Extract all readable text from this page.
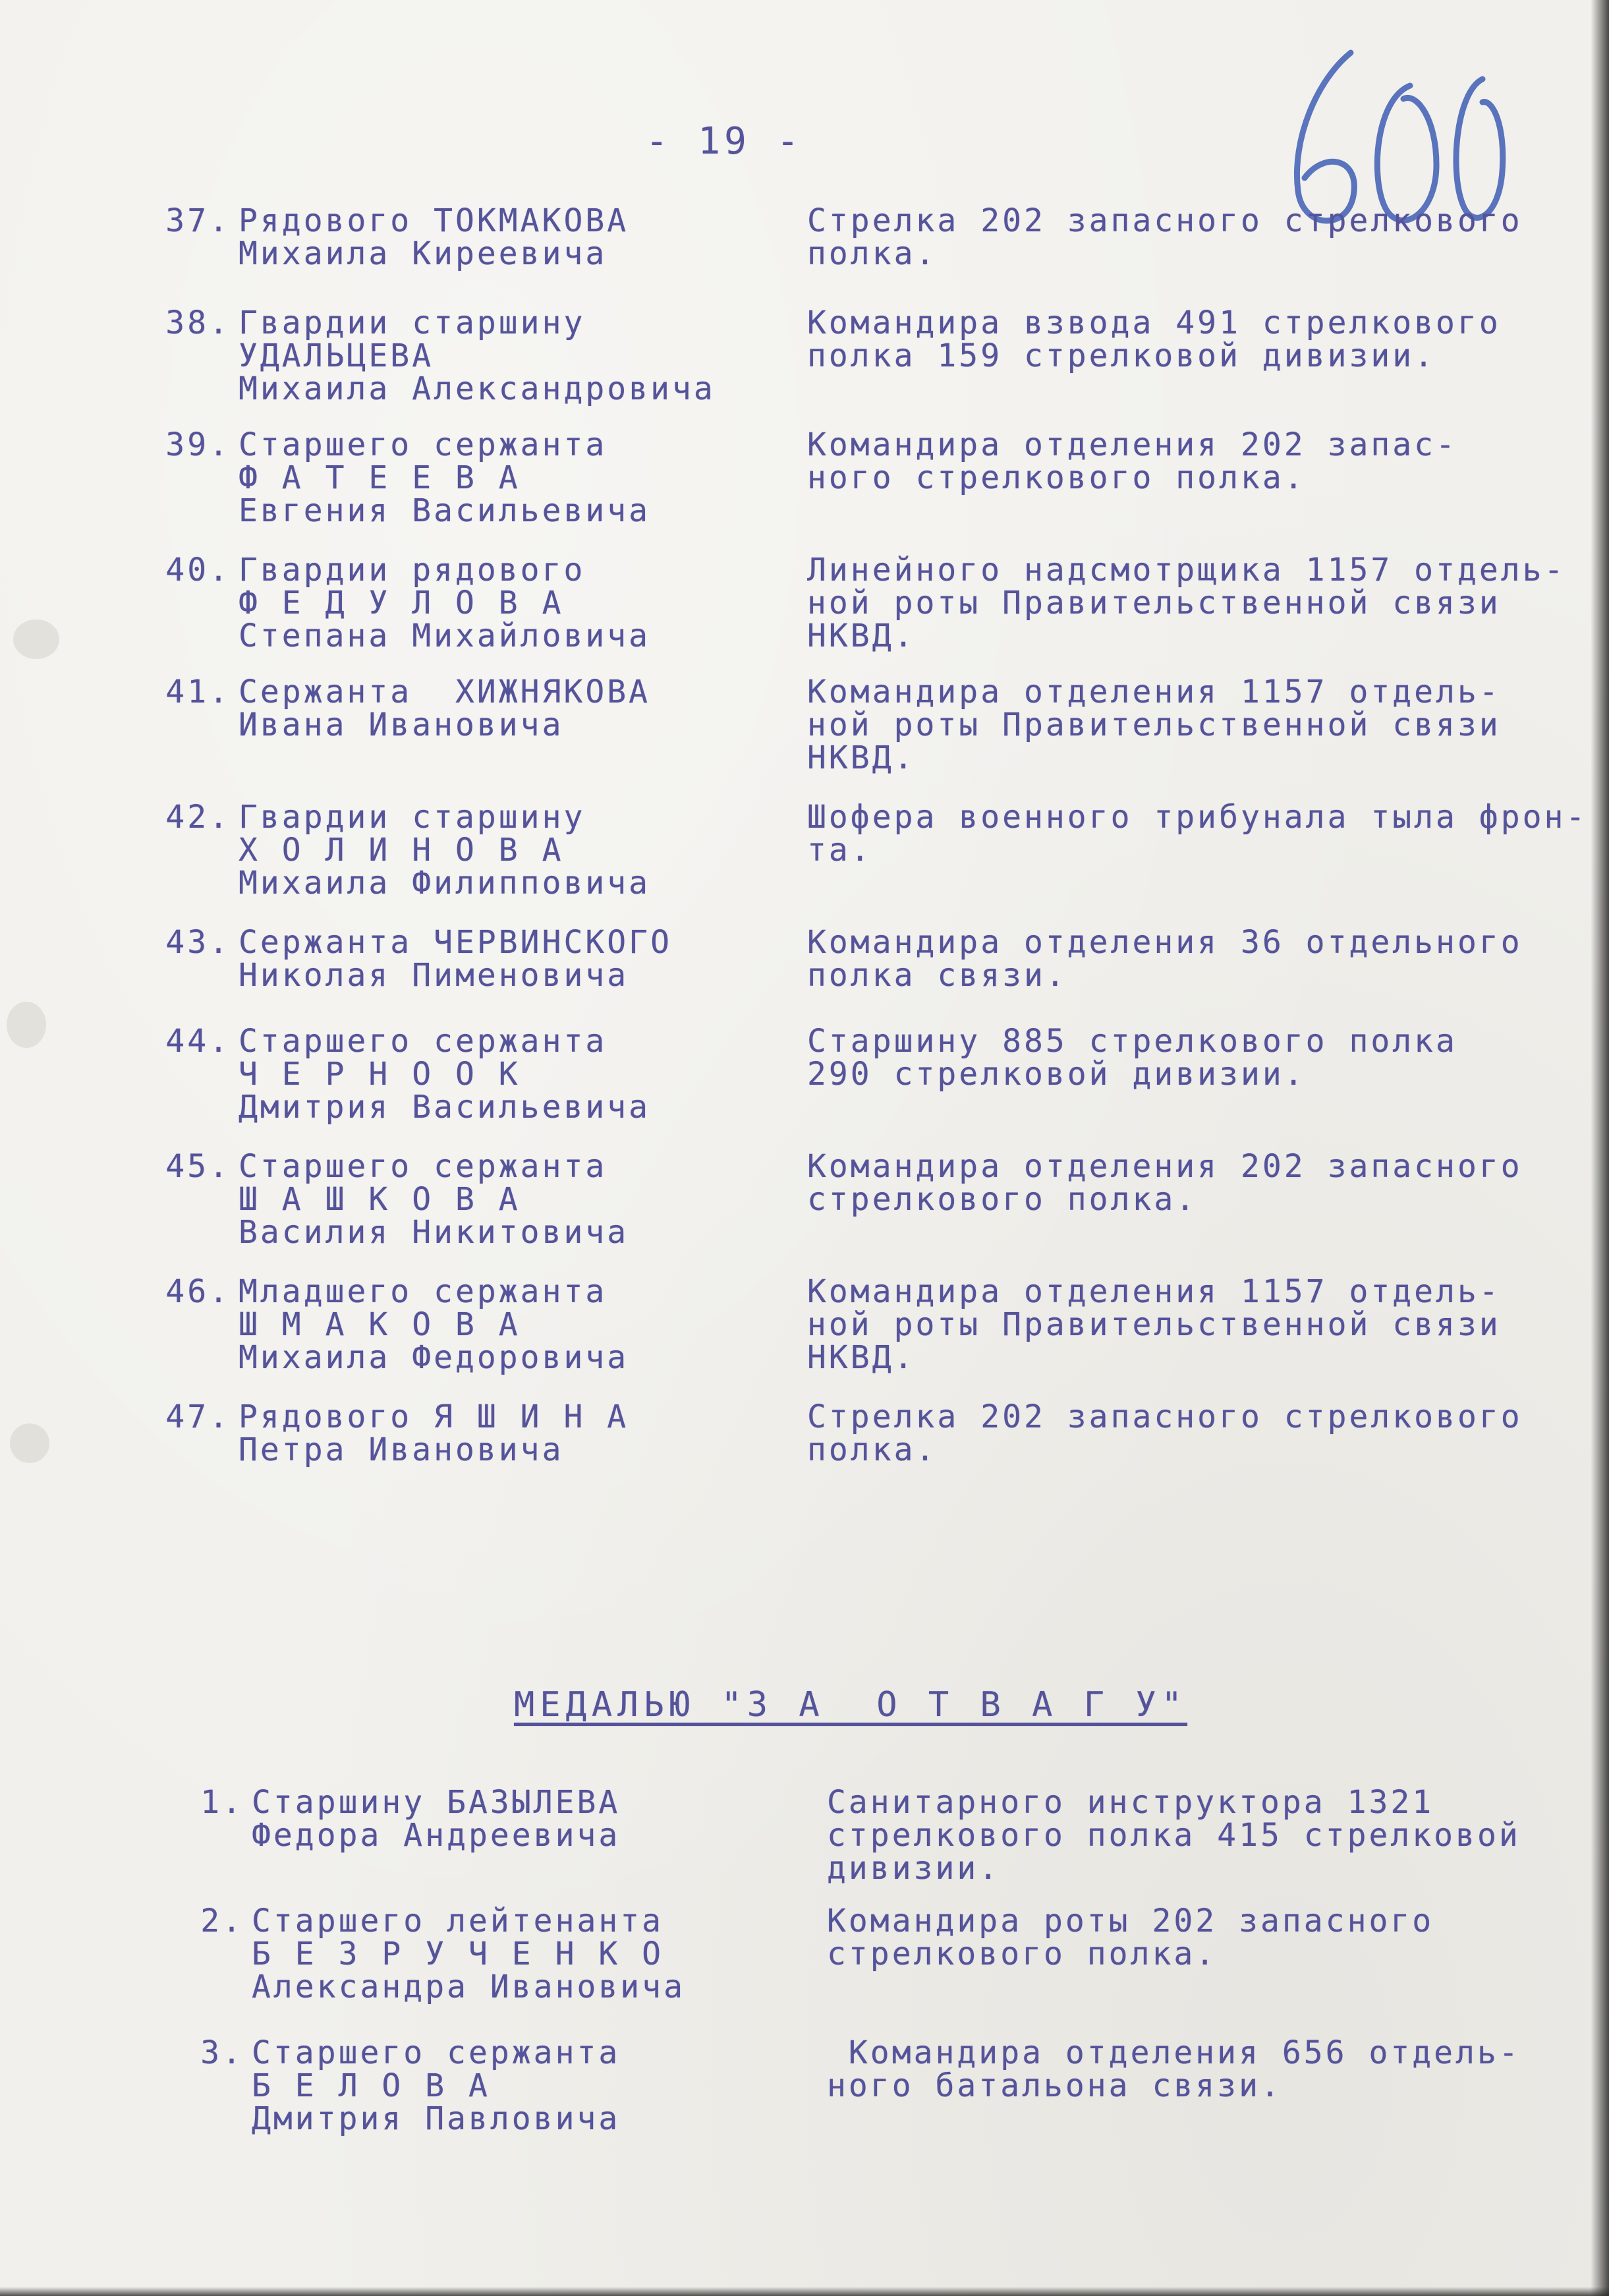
- 19 -
37. Рядового ТОКМАКОВА
Михаила Киреевича
Стрелка 202 запасного стрелкового
полка.
38. Гвардии старшину
УДАЛЬЦЕВА
Михаила Александровича
Командира взвода 491 стрелкового
полка 159 стрелковой дивизии.
39. Старшего сержанта
Ф А Т Е Е В А
Евгения Васильевича
Командира отделения 202 запас-
ного стрелкового полка.
40. Гвардии рядового
Ф Е Д У Л О В А
Степана Михайловича
Линейного надсмотрщика 1157 отдель-
ной роты Правительственной связи
НКВД.
41. Сержанта  ХИЖНЯКОВА
Ивана Ивановича
Командира отделения 1157 отдель-
ной роты Правительственной связи
НКВД.
42. Гвардии старшину
Х О Л И Н О В А
Михаила Филипповича
Шофера военного трибунала тыла фрон-
та.
43. Сержанта ЧЕРВИНСКОГО
Николая Пименовича
Командира отделения 36 отдельного
полка связи.
44. Старшего сержанта
Ч Е Р Н О О К
Дмитрия Васильевича
Старшину 885 стрелкового полка
290 стрелковой дивизии.
45. Старшего сержанта
Ш А Ш К О В А
Василия Никитовича
Командира отделения 202 запасного
стрелкового полка.
46. Младшего сержанта
Ш М А К О В А
Михаила Федоровича
Командира отделения 1157 отдель-
ной роты Правительственной связи
НКВД.
47. Рядового Я Ш И Н А
Петра Ивановича
Стрелка 202 запасного стрелкового
полка.
МЕДАЛЬЮ "З А  О Т В А Г У"
1. Старшину БАЗЫЛЕВА
Федора Андреевича
Санитарного инструктора 1321
стрелкового полка 415 стрелковой
дивизии.
2. Старшего лейтенанта
Б Е З Р У Ч Е Н К О
Александра Ивановича
Командира роты 202 запасного
стрелкового полка.
3. Старшего сержанта
Б Е Л О В А
Дмитрия Павловича
Командира отделения 656 отдель-
ного батальона связи.
